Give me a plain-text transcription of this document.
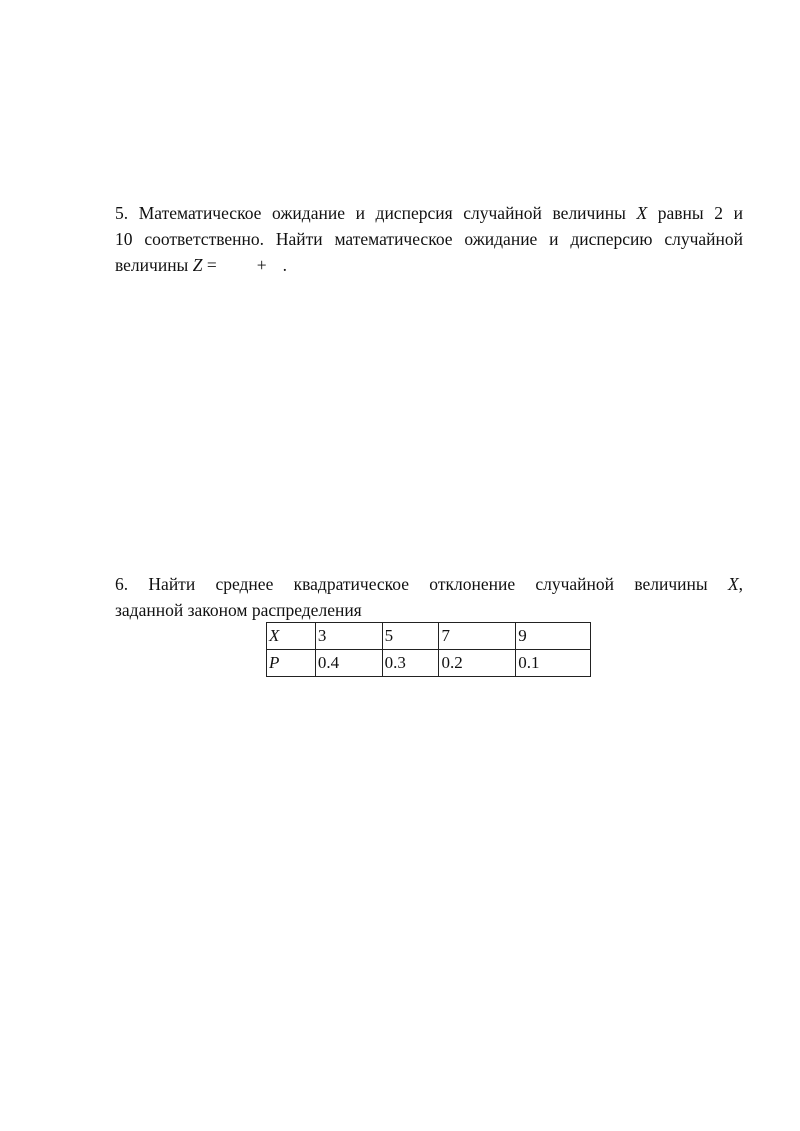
5. Математическое ожидание и дисперсия случайной величины X равны 2 и
10 соответственно. Найти математическое ожидание и дисперсию случайной
величины Z = + .
6. Найти среднее квадратическое отклонение случайной величины X,
заданной законом распределения
X	3	5	7	9
P	0.4	0.3	0.2	0.1
